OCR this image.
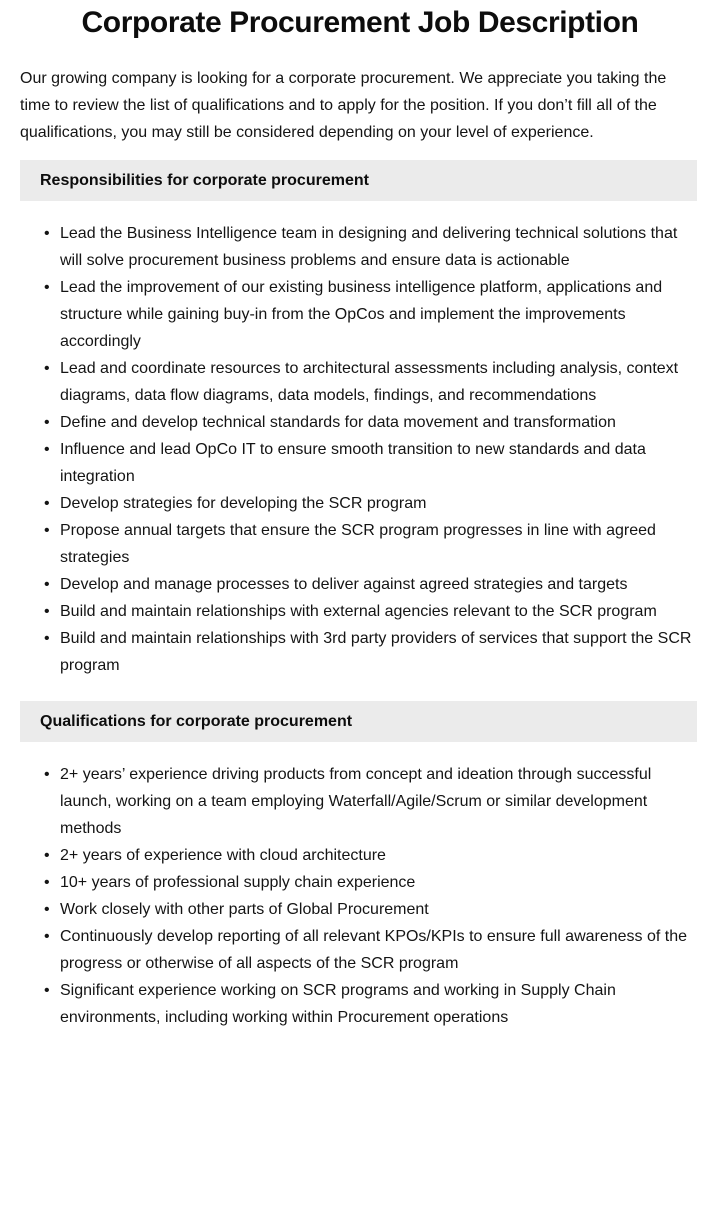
Corporate Procurement Job Description

Our growing company is looking for a corporate procurement. We appreciate you taking the time to review the list of qualifications and to apply for the position. If you don’t fill all of the qualifications, you may still be considered depending on your level of experience.

Responsibilities for corporate procurement
• Lead the Business Intelligence team in designing and delivering technical solutions that will solve procurement business problems and ensure data is actionable
• Lead the improvement of our existing business intelligence platform, applications and structure while gaining buy-in from the OpCos and implement the improvements accordingly
• Lead and coordinate resources to architectural assessments including analysis, context diagrams, data flow diagrams, data models, findings, and recommendations
• Define and develop technical standards for data movement and transformation
• Influence and lead OpCo IT to ensure smooth transition to new standards and data integration
• Develop strategies for developing the SCR program
• Propose annual targets that ensure the SCR program progresses in line with agreed strategies
• Develop and manage processes to deliver against agreed strategies and targets
• Build and maintain relationships with external agencies relevant to the SCR program
• Build and maintain relationships with 3rd party providers of services that support the SCR program
Qualifications for corporate procurement
• 2+ years’ experience driving products from concept and ideation through successful launch, working on a team employing Waterfall/Agile/Scrum or similar development methods
• 2+ years of experience with cloud architecture
• 10+ years of professional supply chain experience
• Work closely with other parts of Global Procurement
• Continuously develop reporting of all relevant KPOs/KPIs to ensure full awareness of the progress or otherwise of all aspects of the SCR program
• Significant experience working on SCR programs and working in Supply Chain environments, including working within Procurement operations
